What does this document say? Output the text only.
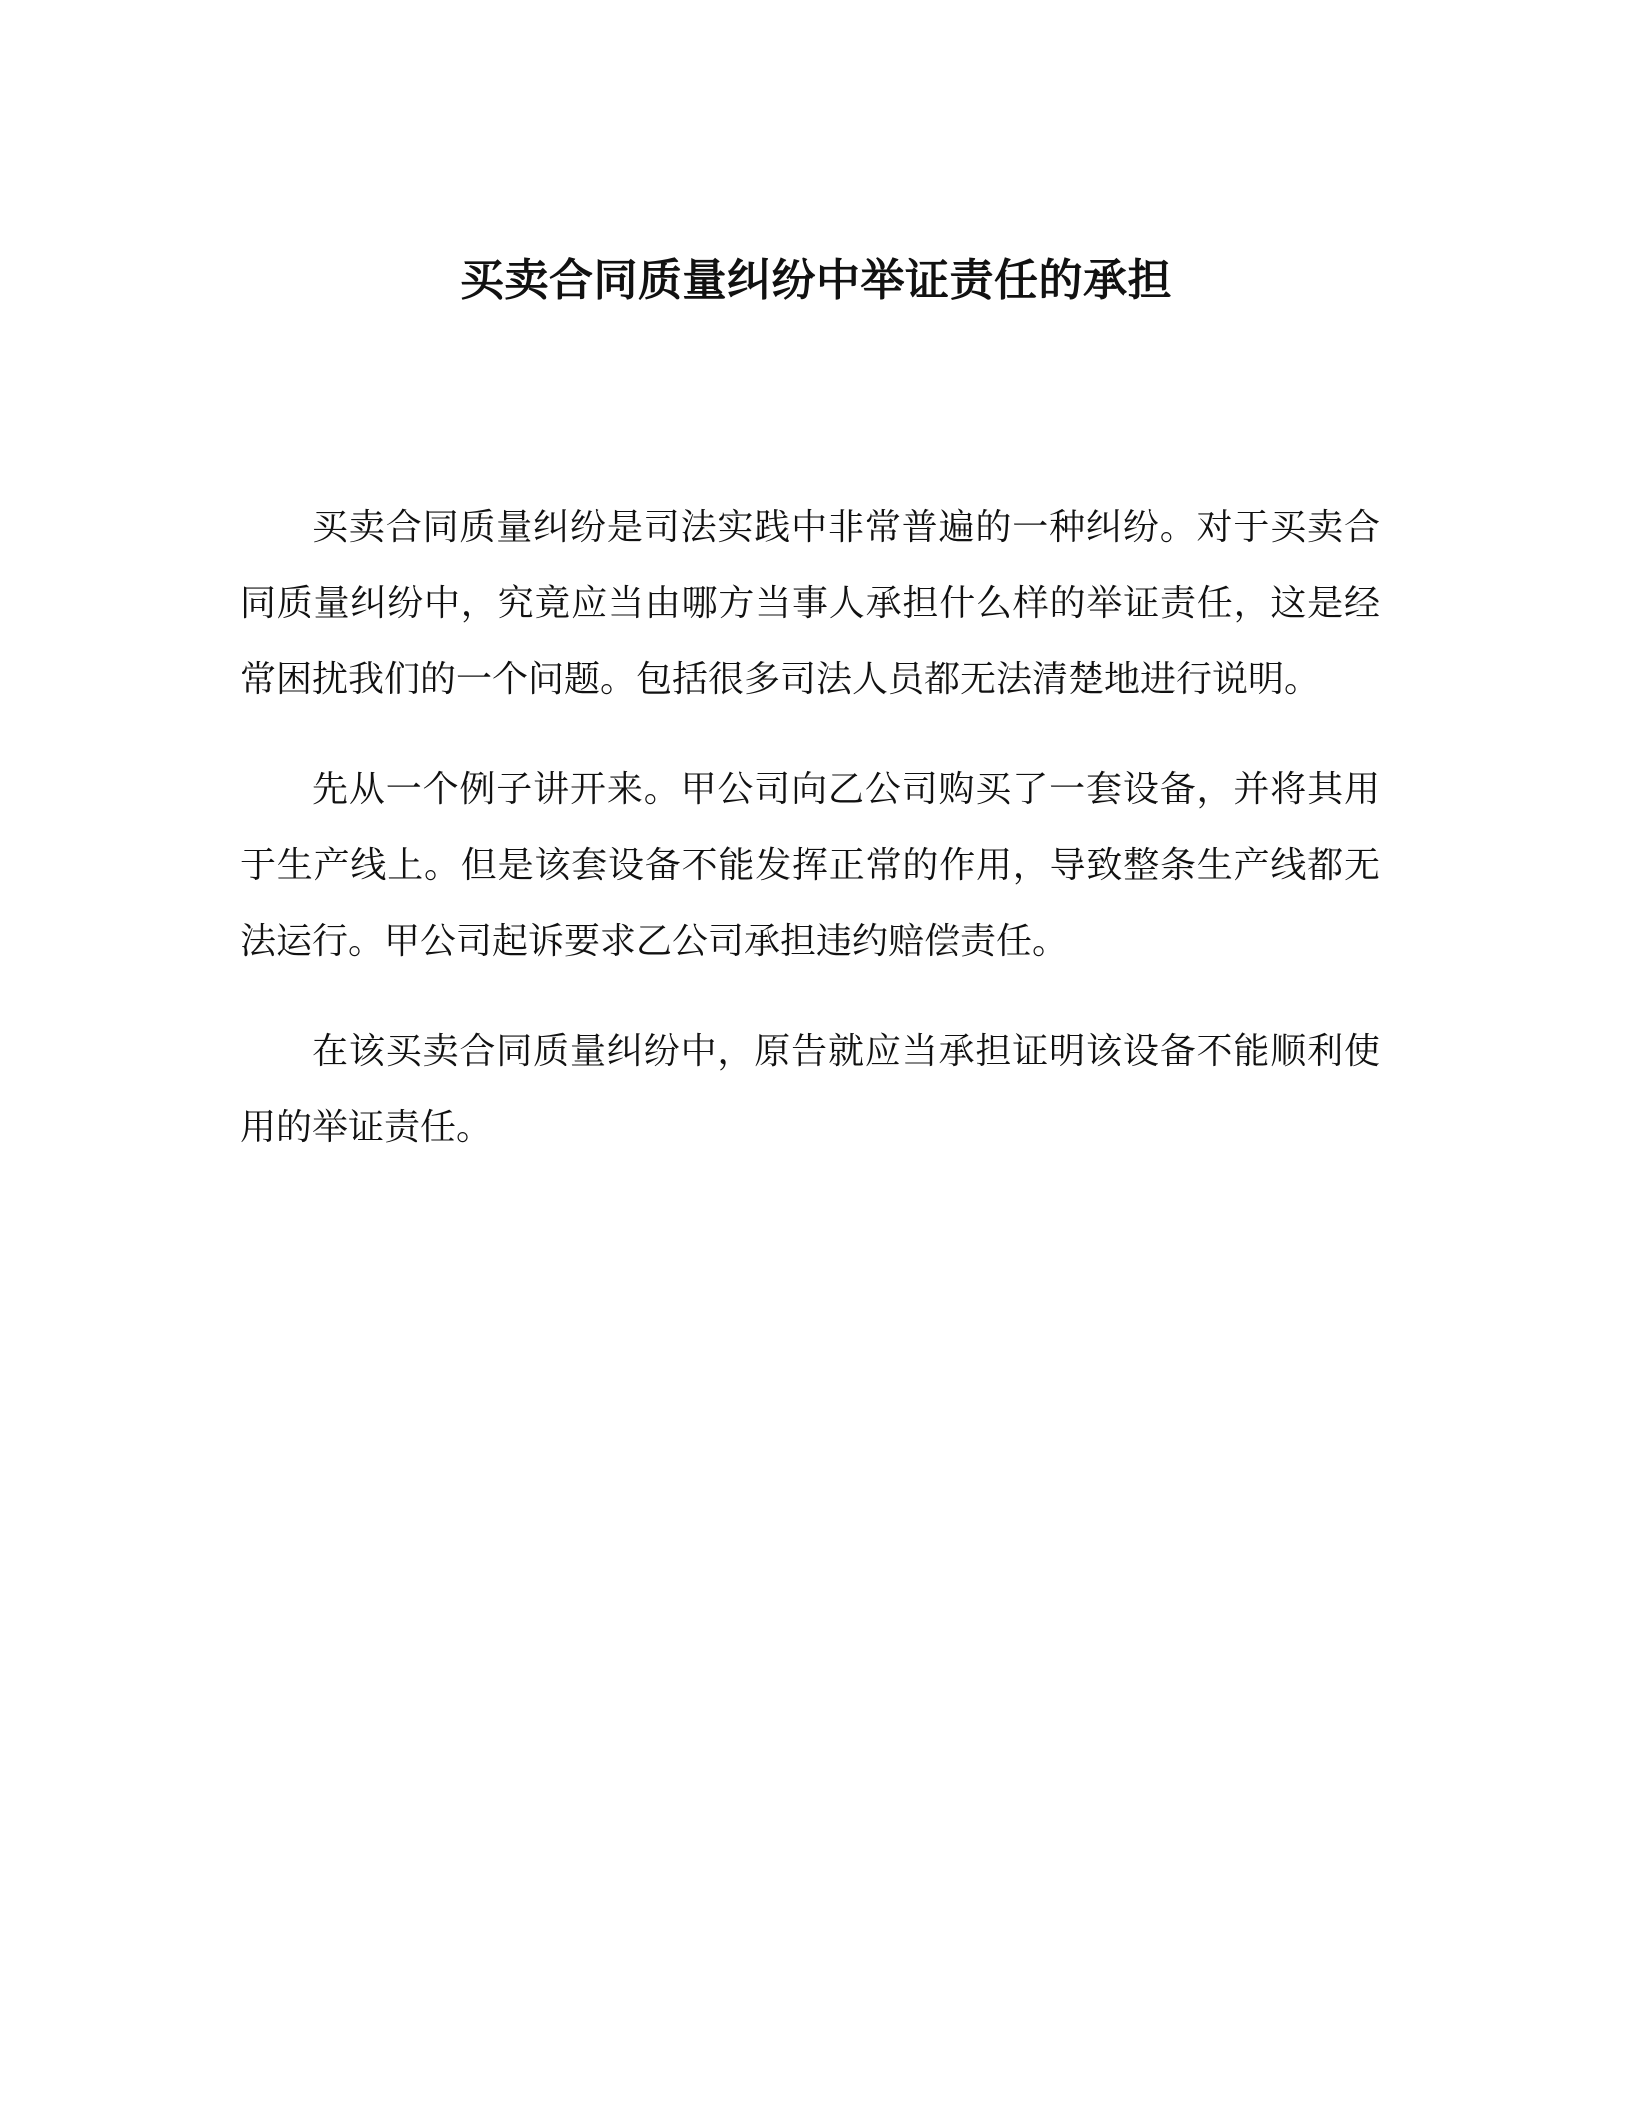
买卖合同质量纠纷中举证责任的承担

买卖合同质量纠纷是司法实践中非常普遍的一种纠纷。对于买卖合同质量纠纷中，究竟应当由哪方当事人承担什么样的举证责任，这是经常困扰我们的一个问题。包括很多司法人员都无法清楚地进行说明。

先从一个例子讲开来。甲公司向乙公司购买了一套设备，并将其用于生产线上。但是该套设备不能发挥正常的作用，导致整条生产线都无法运行。甲公司起诉要求乙公司承担违约赔偿责任。

在该买卖合同质量纠纷中，原告就应当承担证明该设备不能顺利使用的举证责任。
